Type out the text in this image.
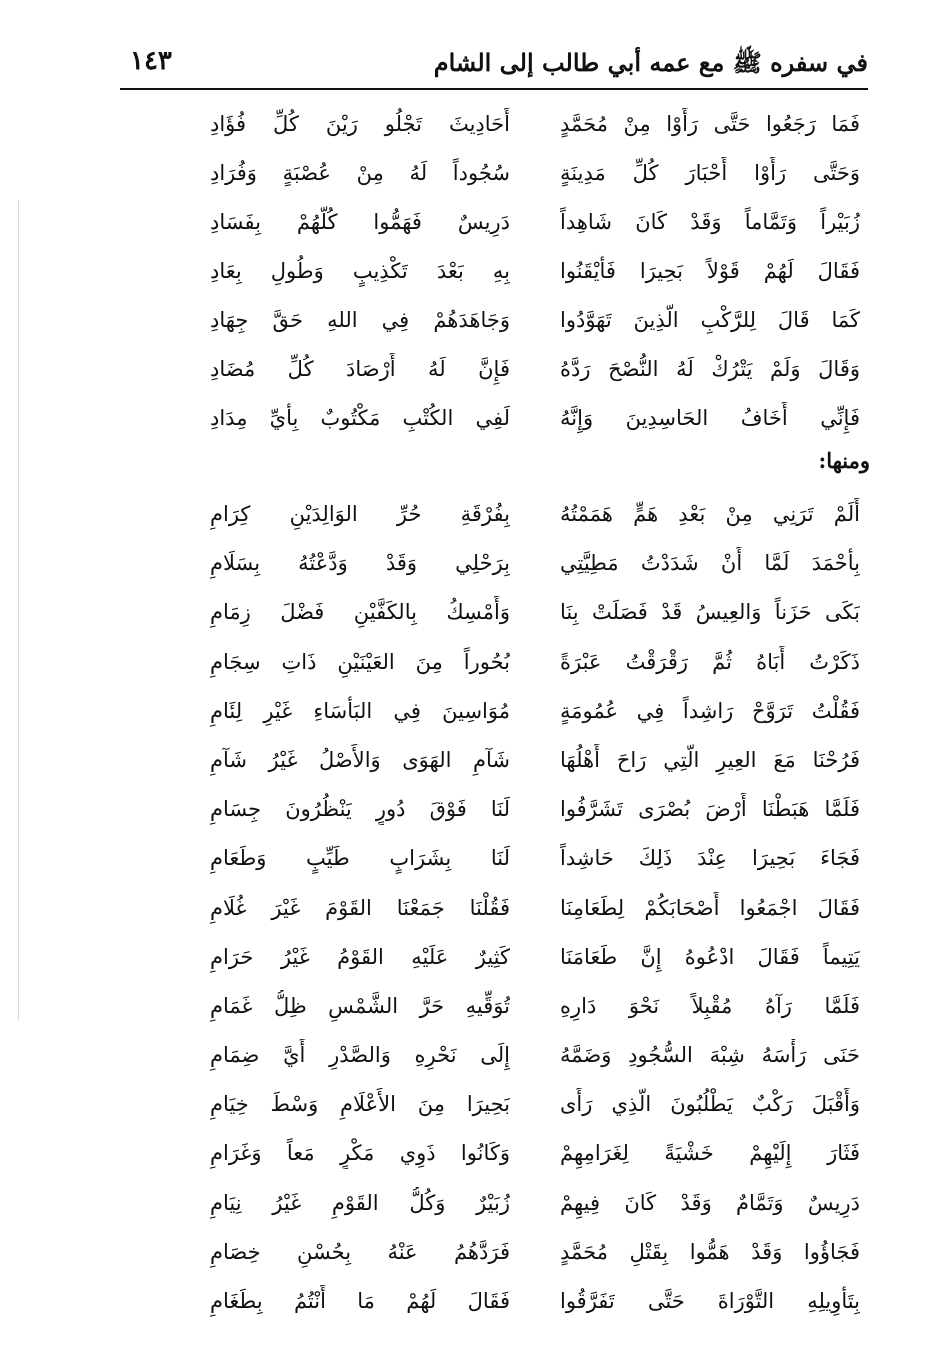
في سفره ﷺ مع عمه أبي طالب إلى الشام
١٤٣
فَمَا رَجَعُوا حَتَّى رَأَوْا مِنْ مُحَمَّدٍ
أَحَادِيثَ تَجْلُو رَيْنَ كُلِّ فُؤَادِ
وَحَتَّى رَأَوْا أَحْبَارَ كُلِّ مَدِينَةٍ
سُجُوداً لَهُ مِنْ عُصْبَةٍ وَفُرَادِ
زُبَيْراً وَتَمَّاماً وَقَدْ كَانَ شَاهِداً
دَرِيسٌ فَهَمُّوا كُلُّهُمْ بِفَسَادِ
فَقَالَ لَهُمْ قَوْلاً بَحِيرَا فَأَيْقَنُوا
بِهِ بَعْدَ تَكْذِيبٍ وَطُولِ بِعَادِ
كَمَا قَالَ لِلرَّكْبِ الَّذِينَ تَهَوَّدُوا
وَجَاهَدَهُمْ فِي اللهِ حَقَّ جِهَادِ
وَقَالَ وَلَمْ يَتْرُكْ لَهُ النُّصْحَ رَدَّهُ
فَإِنَّ لَهُ أَرْصَادَ كُلِّ مُضَادِ
فَإِنِّي أَخَافُ الحَاسِدِينَ وَإِنَّهُ
لَفِي الكُتْبِ مَكْتُوبٌ بِأَيِّ مِدَادِ
ومنها:
أَلَمْ تَرَنِي مِنْ بَعْدِ هَمٍّ هَمَمْتُهُ
بِفُرْقَةِ حُرِّ الوَالِدَيْنِ كِرَامِ
بِأَحْمَدَ لَمَّا أَنْ شَدَدْتُ مَطِيَّتِي
بِرَحْلِي وَقَدْ وَدَّعْتُهُ بِسَلَامِ
بَكَى حَزَناً وَالعِيسُ قَدْ فَصَلَتْ بِنَا
وَأَمْسِكُ بِالكَفَّيْنِ فَضْلَ زِمَامِ
ذَكَرْتُ أَبَاهُ ثُمَّ رَقْرَقْتُ عَبْرَةً
بُحُوراً مِنَ العَيْنَيْنِ ذَاتِ سِجَامِ
فَقُلْتُ تَرَوَّحْ رَاشِداً فِي عُمُومَةٍ
مُوَاسِينَ فِي البَأْسَاءِ غَيْرِ لِئَامِ
فَرُحْنَا مَعَ العِيرِ الَّتِي رَاحَ أَهْلُهَا
شَآمِ الهَوَى وَالأَصْلُ غَيْرُ شَآمِ
فَلَمَّا هَبَطْنَا أَرْضَ بُصْرَى تَشَرَّفُوا
لَنَا فَوْقَ دُورٍ يَنْظُرُونَ جِسَامِ
فَجَاءَ بَحِيرَا عِنْدَ ذَلِكَ حَاشِداً
لَنَا بِشَرَابٍ طَيِّبٍ وَطَعَامِ
فَقَالَ اجْمَعُوا أَصْحَابَكُمْ لِطَعَامِنَا
فَقُلْنَا جَمَعْنَا القَوْمَ غَيْرَ غُلَامِ
يَتِيماً فَقَالَ ادْعُوهُ إِنَّ طَعَامَنَا
كَثِيرٌ عَلَيْهِ القَوْمُ غَيْرُ حَرَامِ
فَلَمَّا رَآهُ مُقْبِلاً نَحْوَ دَارِهِ
تُوَقِّيهِ حَرَّ الشَّمْسِ ظِلُّ غَمَامِ
حَنَى رَأْسَهُ شِبْهَ السُّجُودِ وَضَمَّهُ
إِلَى نَحْرِهِ وَالصَّدْرِ أَيَّ ضِمَامِ
وَأَقْبَلَ رَكْبٌ يَطْلُبُونَ الَّذِي رَأَى
بَحِيرَا مِنَ الأَعْلَامِ وَسْطَ خِيَامِ
فَثَارَ إِلَيْهِمْ خَشْيَةً لِغَرَامِهِمْ
وَكَانُوا ذَوِي مَكْرٍ مَعاً وَغَرَامِ
دَرِيسٌ وَتَمَّامٌ وَقَدْ كَانَ فِيهِمْ
زُبَيْرٌ وَكُلُّ القَوْمِ غَيْرُ نِيَامِ
فَجَاؤُوا وَقَدْ هَمُّوا بِقَتْلِ مُحَمَّدٍ
فَرَدَّهُمُ عَنْهُ بِحُسْنِ خِصَامِ
بِتَأْوِيلِهِ التَّوْرَاةَ حَتَّى تَفَرَّقُوا
فَقَالَ لَهُمْ مَا أَنْتُمُ بِطَغَامِ
